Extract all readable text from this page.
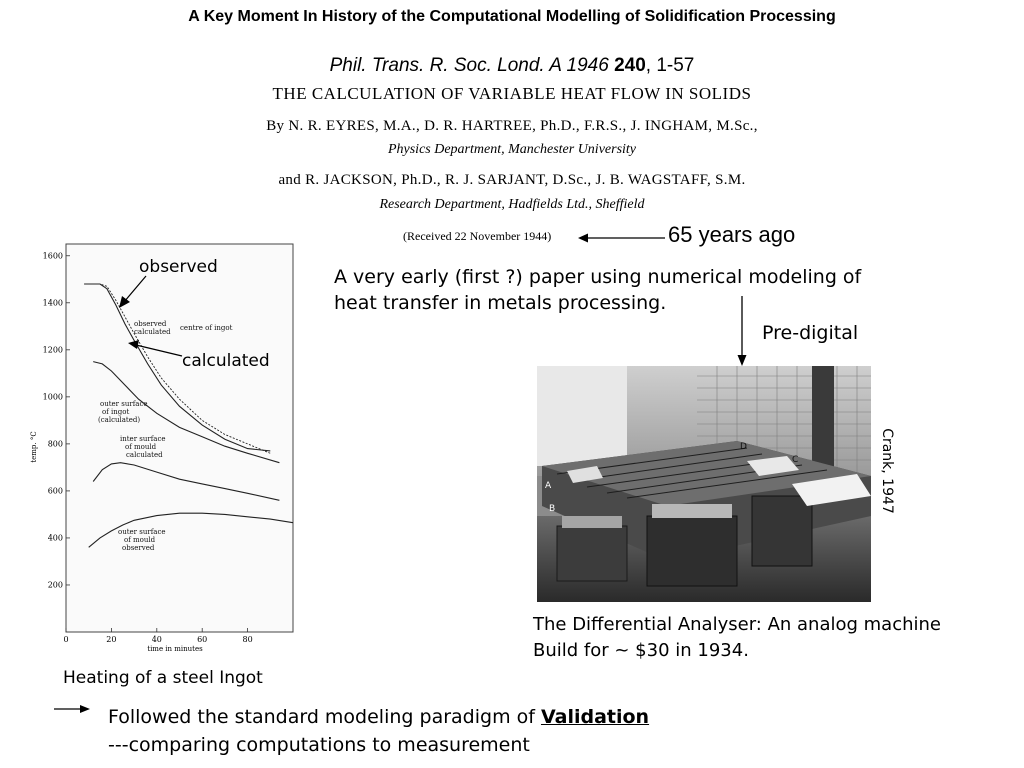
A Key Moment In History of the Computational Modelling of Solidification Processing
Phil. Trans. R. Soc. Lond. A 1946 240, 1-57
THE CALCULATION OF VARIABLE HEAT FLOW IN SOLIDS
By N. R. EYRES, M.A., D. R. HARTREE, Ph.D., F.R.S., J. INGHAM, M.Sc.,
Physics Department, Manchester University
and R. JACKSON, Ph.D., R. J. SARJANT, D.Sc., J. B. WAGSTAFF, S.M.
Research Department, Hadfields Ltd., Sheffield
(Received 22 November 1944)	65 years ago
A very early (first ?) paper using numerical modeling of
heat transfer in metals processing.
Pre-digital
A
B
C
D	Crank, 1947
The Differential Analyser: An analog machine
Build for ~ $30 in 1934.
200
400
600
800
1000
1200
1400
1600
0	20	40	60	80
observed
calculated centre of ingot
outer surface
of ingot
(calculated)
inter surface
of mould
calculated
outer surface
of mould
observed
temp. °C
time in minutes
observed
calculated
Heating of a steel Ingot
Followed the standard modeling paradigm of Validation
---comparing computations to measurement
